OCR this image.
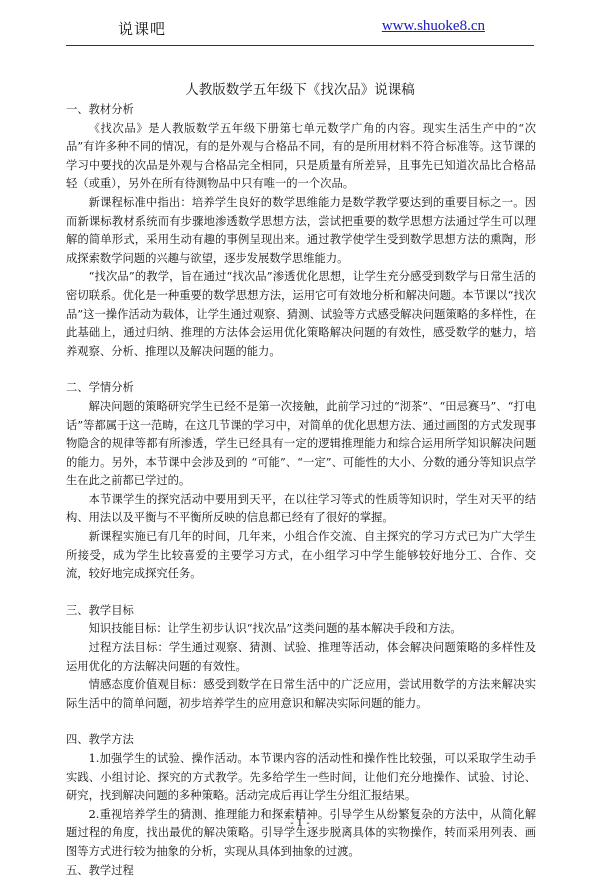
说课吧	www.shuoke8.cn
人教版数学五年级下《找次品》说课稿
一、教材分析

《找次品》是人教版数学五年级下册第七单元数学广角的内容。现实生活生产中的“次品”有许多种不同的情况，有的是外观与合格品不同，有的是所用材料不符合标准等。这节课的学习中要找的次品是外观与合格品完全相同，只是质量有所差异，且事先已知道次品比合格品轻（或重），另外在所有待测物品中只有唯一的一个次品。

新课程标准中指出：培养学生良好的数学思维能力是数学教学要达到的重要目标之一。因而新课标教材系统而有步骤地渗透数学思想方法，尝试把重要的数学思想方法通过学生可以理解的简单形式，采用生动有趣的事例呈现出来。通过教学使学生受到数学思想方法的熏陶，形成探索数学问题的兴趣与欲望，逐步发展数学思维能力。

“找次品”的教学，旨在通过“找次品”渗透优化思想，让学生充分感受到数学与日常生活的密切联系。优化是一种重要的数学思想方法，运用它可有效地分析和解决问题。本节课以“找次品”这一操作活动为载体，让学生通过观察、猜测、试验等方式感受解决问题策略的多样性，在此基础上，通过归纳、推理的方法体会运用优化策略解决问题的有效性，感受数学的魅力，培养观察、分析、推理以及解决问题的能力。

二、学情分析

解决问题的策略研究学生已经不是第一次接触，此前学习过的“沏茶”、“田忌赛马”、“打电话”等都属于这一范畴，在这几节课的学习中，对简单的优化思想方法、通过画图的方式发现事物隐含的规律等都有所渗透，学生已经具有一定的逻辑推理能力和综合运用所学知识解决问题的能力。另外，本节课中会涉及到的 “可能”、“一定”、可能性的大小、分数的通分等知识点学生在此之前都已学过的。

本节课学生的探究活动中要用到天平，在以往学习等式的性质等知识时，学生对天平的结构、用法以及平衡与不平衡所反映的信息都已经有了很好的掌握。

新课程实施已有几年的时间，几年来，小组合作交流、自主探究的学习方式已为广大学生所接受，成为学生比较喜爱的主要学习方式，在小组学习中学生能够较好地分工、合作、交流，较好地完成探究任务。

三、教学目标

知识技能目标：让学生初步认识“找次品”这类问题的基本解决手段和方法。

过程方法目标：学生通过观察、猜测、试验、推理等活动，体会解决问题策略的多样性及运用优化的方法解决问题的有效性。

情感态度价值观目标：感受到数学在日常生活中的广泛应用，尝试用数学的方法来解决实际生活中的简单问题，初步培养学生的应用意识和解决实际问题的能力。

四、教学方法

1.加强学生的试验、操作活动。本节课内容的活动性和操作性比较强，可以采取学生动手实践、小组讨论、探究的方式教学。先多给学生一些时间，让他们充分地操作、试验、讨论、研究，找到解决问题的多种策略。活动完成后再让学生分组汇报结果。

2.重视培养学生的猜测、推理能力和探索精神。引导学生从纷繁复杂的方法中，从简化解题过程的角度，找出最优的解决策略。引导学生逐步脱离具体的实物操作，转而采用列表、画图等方式进行较为抽象的分析，实现从具体到抽象的过渡。

五、教学过程
- 1 -
